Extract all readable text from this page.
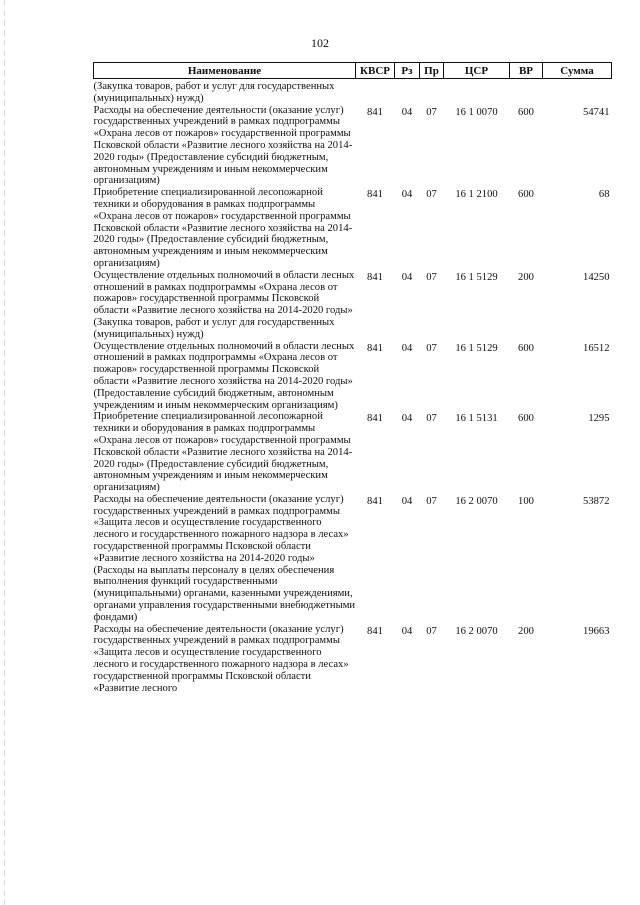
102
Наименование	КВСР	Рз	Пр	ЦСР	ВР	Сумма
(Закупка товаров, работ и услуг для государственных (муниципальных) нужд)						
Расходы на обеспечение деятельности (оказание услуг) государственных учреждений в рамках подпрограммы «Охрана лесов от пожаров» государственной программы Псковской области «Развитие лесного хозяйства на 2014-2020 годы» (Предоставление субсидий бюджетным, автономным учреждениям и иным некоммерческим организациям)	841	04	07	16 1 0070	600	54741
Приобретение специализированной лесопожарной техники и оборудования в рамках подпрограммы «Охрана лесов от пожаров» государственной программы Псковской области «Развитие лесного хозяйства на 2014-2020 годы» (Предоставление субсидий бюджетным, автономным учреждениям и иным некоммерческим организациям)	841	04	07	16 1 2100	600	68
Осуществление отдельных полномочий в области лесных отношений в рамках подпрограммы «Охрана лесов от пожаров» государственной программы Псковской области «Развитие лесного хозяйства на 2014-2020 годы» (Закупка товаров, работ и услуг для государственных (муниципальных) нужд)	841	04	07	16 1 5129	200	14250
Осуществление отдельных полномочий в области лесных отношений в рамках подпрограммы «Охрана лесов от пожаров» государственной программы Псковской области «Развитие лесного хозяйства на 2014-2020 годы» (Предоставление субсидий бюджетным, автономным учреждениям и иным некоммерческим организациям)	841	04	07	16 1 5129	600	16512
Приобретение специализированной лесопожарной техники и оборудования в рамках подпрограммы «Охрана лесов от пожаров» государственной программы Псковской области «Развитие лесного хозяйства на 2014-2020 годы» (Предоставление субсидий бюджетным, автономным учреждениям и иным некоммерческим организациям)	841	04	07	16 1 5131	600	1295
Расходы на обеспечение деятельности (оказание услуг) государственных учреждений в рамках подпрограммы «Защита лесов и осуществление государственного лесного и государственного пожарного надзора в лесах» государственной программы Псковской области «Развитие лесного хозяйства на 2014-2020 годы» (Расходы на выплаты персоналу в целях обеспечения выполнения функций государственными (муниципальными) органами, казенными учреждениями, органами управления государственными внебюджетными фондами)	841	04	07	16 2 0070	100	53872
Расходы на обеспечение деятельности (оказание услуг) государственных учреждений в рамках подпрограммы «Защита лесов и осуществление государственного лесного и государственного пожарного надзора в лесах» государственной программы Псковской области «Развитие лесного	841	04	07	16 2 0070	200	19663
